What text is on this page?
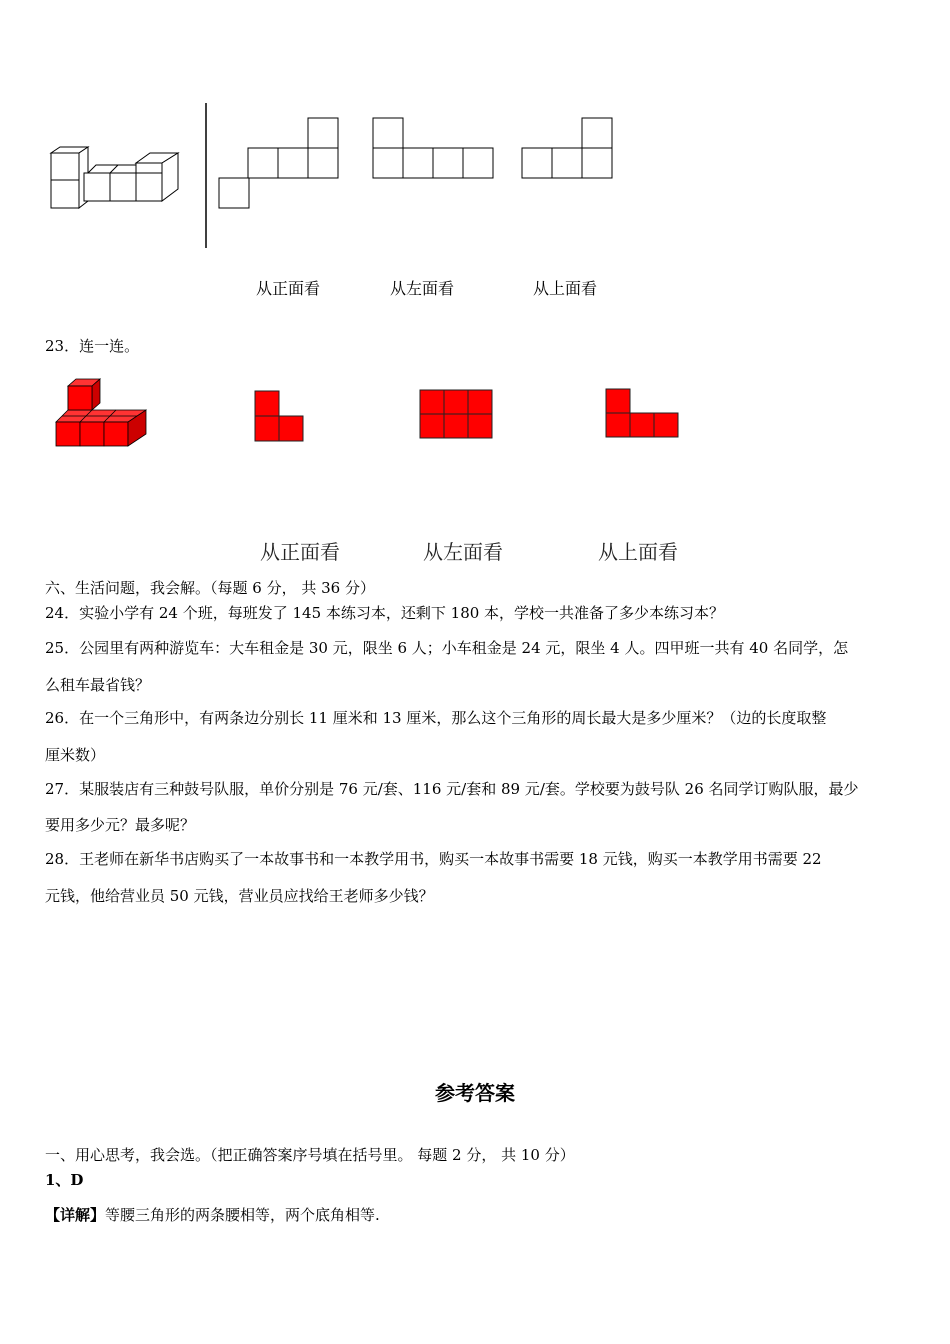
从正面看	从左面看	从上面看
23．连一连。
从正面看	从左面看	从上面看
六、生活问题，我会解。（每题 6 分， 共 36 分）
24．实验小学有 24 个班，每班发了 145 本练习本，还剩下 180 本，学校一共准备了多少本练习本？
25．公园里有两种游览车：大车租金是 30 元，限坐 6 人；小车租金是 24 元，限坐 4 人。四甲班一共有 40 名同学，怎
么租车最省钱？
26．在一个三角形中，有两条边分别长 11 厘米和 13 厘米，那么这个三角形的周长最大是多少厘米？（边的长度取整
厘米数）
27．某服装店有三种鼓号队服，单价分别是 76 元/套、116 元/套和 89 元/套。学校要为鼓号队 26 名同学订购队服，最少
要用多少元？最多呢？
28．王老师在新华书店购买了一本故事书和一本教学用书，购买一本故事书需要 18 元钱，购买一本教学用书需要 22
元钱，他给营业员 50 元钱，营业员应找给王老师多少钱？
参考答案
一、用心思考，我会选。（把正确答案序号填在括号里。 每题 2 分， 共 10 分）
1、D
【详解】等腰三角形的两条腰相等，两个底角相等.
